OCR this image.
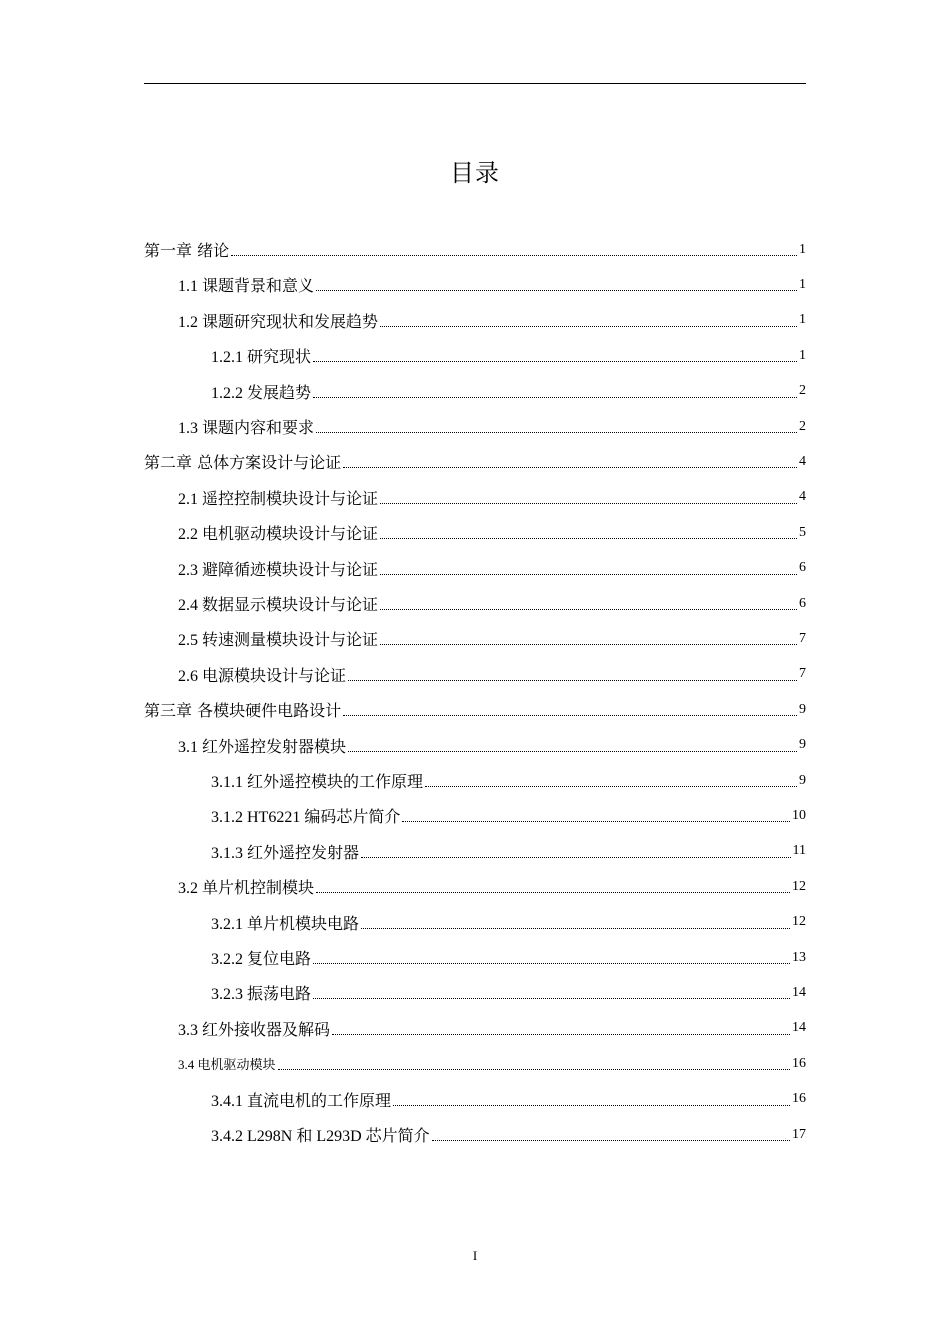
目录
第一章 绪论	1
1.1 课题背景和意义	1
1.2 课题研究现状和发展趋势	1
1.2.1 研究现状	1
1.2.2 发展趋势	2
1.3 课题内容和要求	2
第二章 总体方案设计与论证	4
2.1 遥控控制模块设计与论证	4
2.2 电机驱动模块设计与论证	5
2.3 避障循迹模块设计与论证	6
2.4 数据显示模块设计与论证	6
2.5 转速测量模块设计与论证	7
2.6 电源模块设计与论证	7
第三章 各模块硬件电路设计	9
3.1 红外遥控发射器模块	9
3.1.1 红外遥控模块的工作原理	9
3.1.2 HT6221 编码芯片简介	10
3.1.3 红外遥控发射器	11
3.2 单片机控制模块	12
3.2.1 单片机模块电路	12
3.2.2 复位电路	13
3.2.3 振荡电路	14
3.3 红外接收器及解码	14
3.4 电机驱动模块	16
3.4.1 直流电机的工作原理	16
3.4.2 L298N 和 L293D 芯片简介	17
I
